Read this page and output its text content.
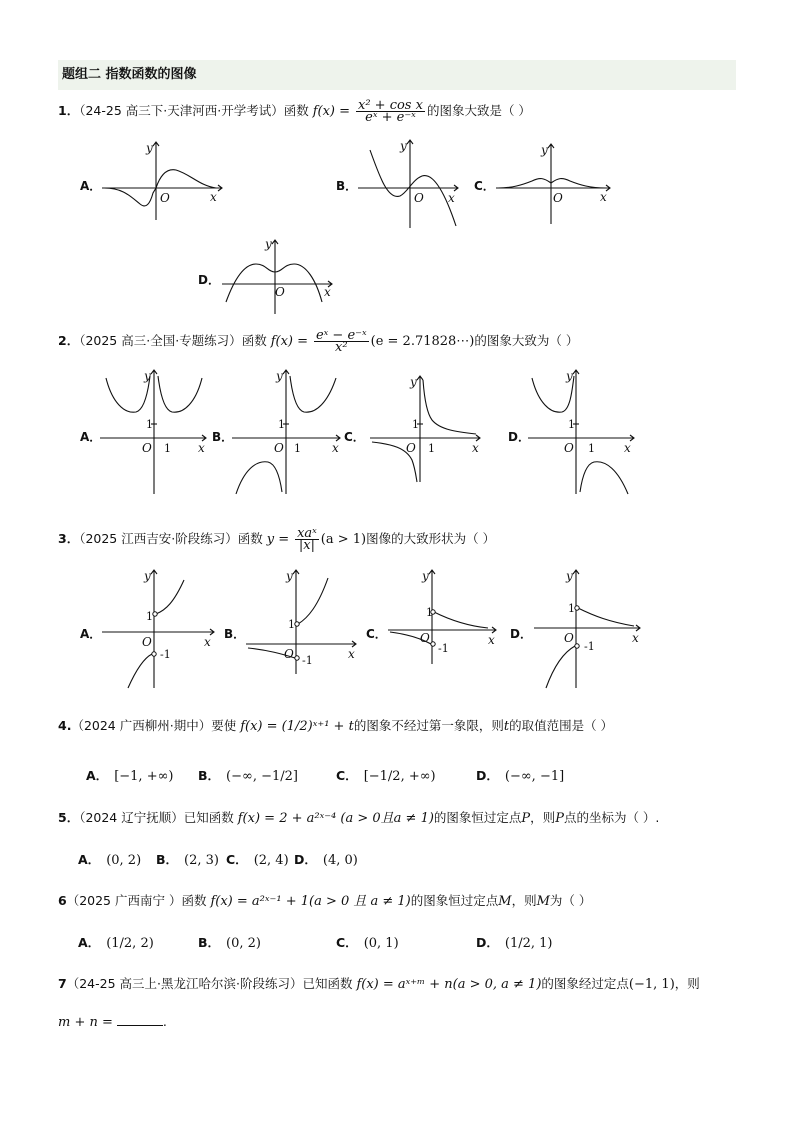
题组二 指数函数的图像
1．（24-25 高三下·天津河西·开学考试）函数 $f(x) = \frac{\text{x² + cos x}}{\text{eˣ + e⁻ˣ}}$ 的图象大致是（ ）
A．
y
O	x
B．
y
O x
C．
y
O	x
D．
y
O	x
2．（2025 高三·全国·专题练习）函数 $f(x) = \frac{\text{eˣ − e⁻ˣ}}{\text{x²}} (e$ = 2.71828⋯)的图象大致为（ ）
A．
y
1
O 1 x
B．
y
1
O 1	x
C．
y
1
O 1	x
D．
y
1
O 1 x
3．（2025 江西吉安·阶段练习）函数 $y = \frac{\text{xaˣ}}{|x|} (a > 1)$图像的大致形状为（ ）
A．
y
1
O
-1
x
B．
y
1
O -1	x
C．
y
1
O
-1
x D．
y
1
O
-1
x
4.（2024 广西柳州·期中）要使 f(x) = (1/2)ˣ⁺¹ + t的图象不经过第一象限，则t的取值范围是（ ）
A． [−1, +∞) B． (−∞, −1/2]	C． [−1/2, +∞)	D． (−∞, −1]
5．（2024 辽宁抚顺）已知函数 f(x) = 2 + a²ˣ⁻⁴ (a > 0且a ≠ 1)的图象恒过定点P，则P点的坐标为（ ）.
A． (0, 2) B． (2, 3) C． (2, 4) D． (4, 0)
6（2025 广西南宁 ）函数 f(x) = a²ˣ⁻¹ + 1(a > 0 且 a ≠ 1)的图象恒过定点M，则M为（ ）
A． (1/2, 2)	B． (0, 2)	C． (0, 1)	D． (1/2, 1)
7（24-25 高三上·黑龙江哈尔滨·阶段练习）已知函数 f(x) = aˣ⁺ᵐ + n(a > 0, a ≠ 1)的图象经过定点(−1, 1)，则
m + n =	.
